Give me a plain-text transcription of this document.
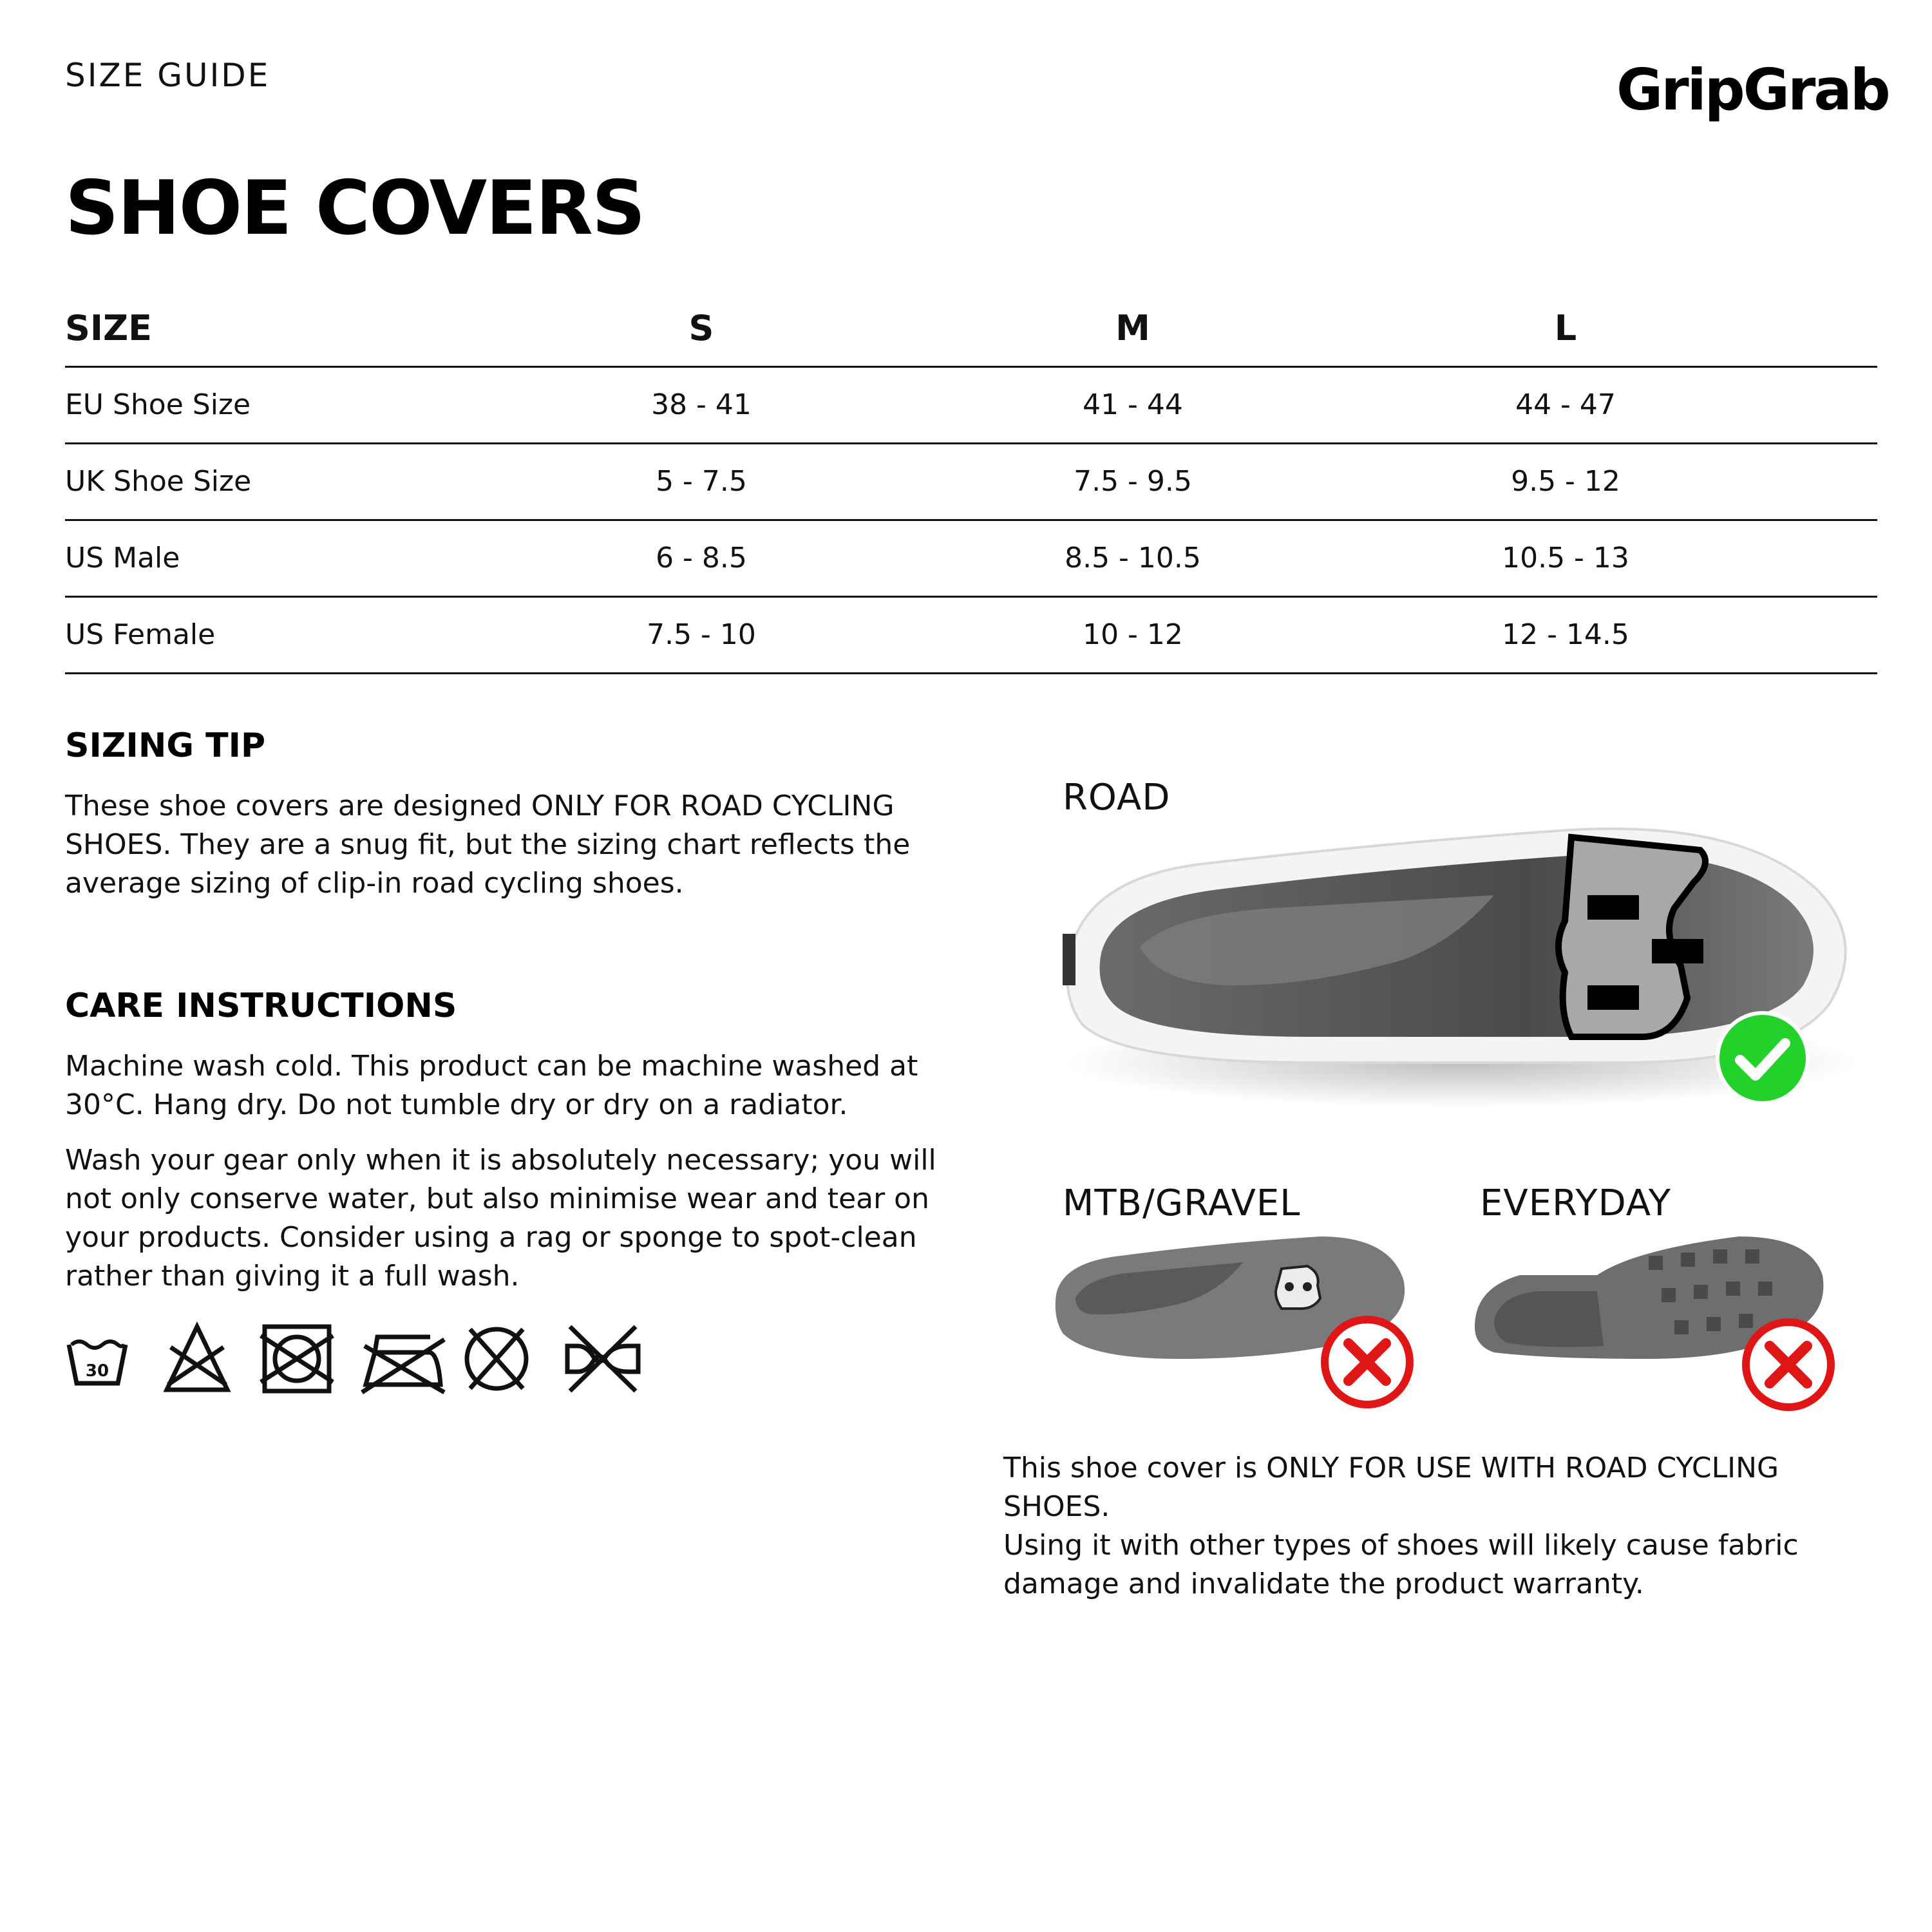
SIZE GUIDE	GripGrab
SHOE COVERS
SIZE	S	M	L
EU Shoe Size	38 - 41	41 - 44	44 - 47
UK Shoe Size	5 - 7.5	7.5 - 9.5	9.5 - 12
US Male	6 - 8.5	8.5 - 10.5	10.5 - 13
US Female	7.5 - 10	10 - 12	12 - 14.5
SIZING TIP
These shoe covers are designed ONLY FOR ROAD CYCLING
SHOES. They are a snug fit, but the sizing chart reflects the
average sizing of clip-in road cycling shoes.
CARE INSTRUCTIONS
Machine wash cold. This product can be machine washed at
30°C. Hang dry. Do not tumble dry or dry on a radiator.
Wash your gear only when it is absolutely necessary; you will
not only conserve water, but also minimise wear and tear on
your products. Consider using a rag or sponge to spot-clean
rather than giving it a full wash.
30
ROAD
MTB/GRAVEL	EVERYDAY
This shoe cover is ONLY FOR USE WITH ROAD CYCLING SHOES.
Using it with other types of shoes will likely cause fabric
damage and invalidate the product warranty.
